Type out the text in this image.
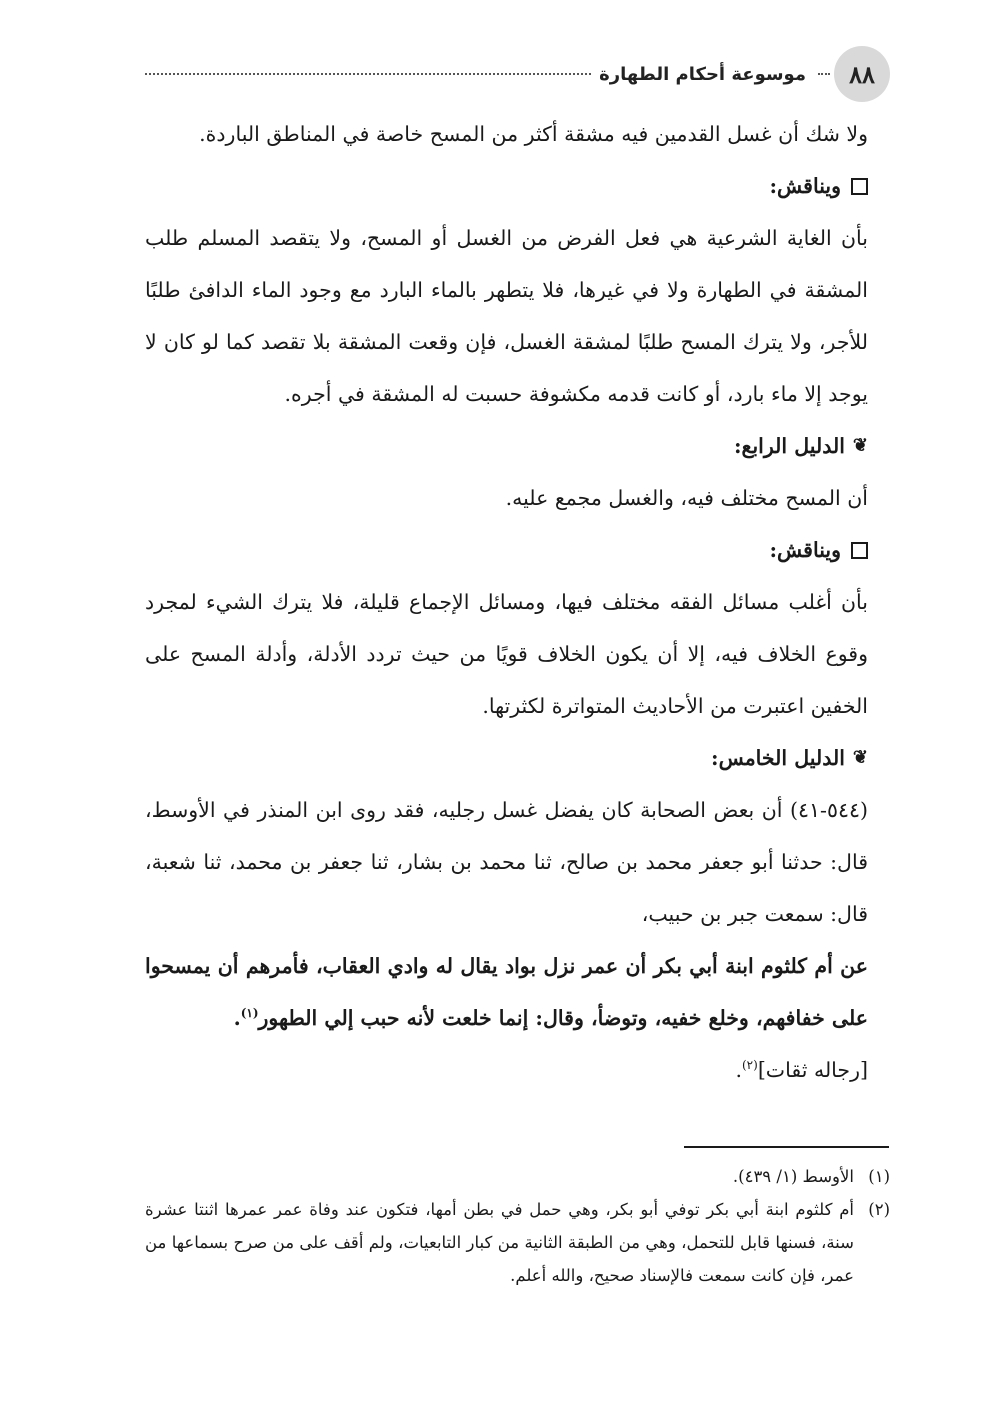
٨٨
موسوعة أحكام الطهارة

ولا شك أن غسل القدمين فيه مشقة أكثر من المسح خاصة في المناطق الباردة.

ويناقش:

بأن الغاية الشرعية هي فعل الفرض من الغسل أو المسح، ولا يتقصد المسلم طلب المشقة في الطهارة ولا في غيرها، فلا يتطهر بالماء البارد مع وجود الماء الدافئ طلبًا للأجر، ولا يترك المسح طلبًا لمشقة الغسل، فإن وقعت المشقة بلا تقصد كما لو كان لا يوجد إلا ماء بارد، أو كانت قدمه مكشوفة حسبت له المشقة في أجره.

❦
الدليل الرابع:

أن المسح مختلف فيه، والغسل مجمع عليه.

ويناقش:

بأن أغلب مسائل الفقه مختلف فيها، ومسائل الإجماع قليلة، فلا يترك الشيء لمجرد وقوع الخلاف فيه، إلا أن يكون الخلاف قويًا من حيث تردد الأدلة، وأدلة المسح على الخفين اعتبرت من الأحاديث المتواترة لكثرتها.

❦
الدليل الخامس:

(٥٤٤-٤١) أن بعض الصحابة كان يفضل غسل رجليه، فقد روى ابن المنذر في الأوسط، قال: حدثنا أبو جعفر محمد بن صالح، ثنا محمد بن بشار، ثنا جعفر بن محمد، ثنا شعبة، قال: سمعت جبر بن حبيب،

عن أم كلثوم ابنة أبي بكر أن عمر نزل بواد يقال له وادي العقاب، فأمرهم أن يمسحوا على خفافهم، وخلع خفيه، وتوضأ، وقال: إنما خلعت لأنه حبب إلي الطهور$^{(١)}$.

[رجاله ثقات]$^{(٢)}$.

(١)
الأوسط (١/ ٤٣٩).

(٢)
أم كلثوم ابنة أبي بكر توفي أبو بكر، وهي حمل في بطن أمها، فتكون عند وفاة عمر عمرها اثنتا عشرة سنة، فسنها قابل للتحمل، وهي من الطبقة الثانية من كبار التابعيات، ولم أقف على من صرح بسماعها من عمر، فإن كانت سمعت فالإسناد صحيح، والله أعلم.
